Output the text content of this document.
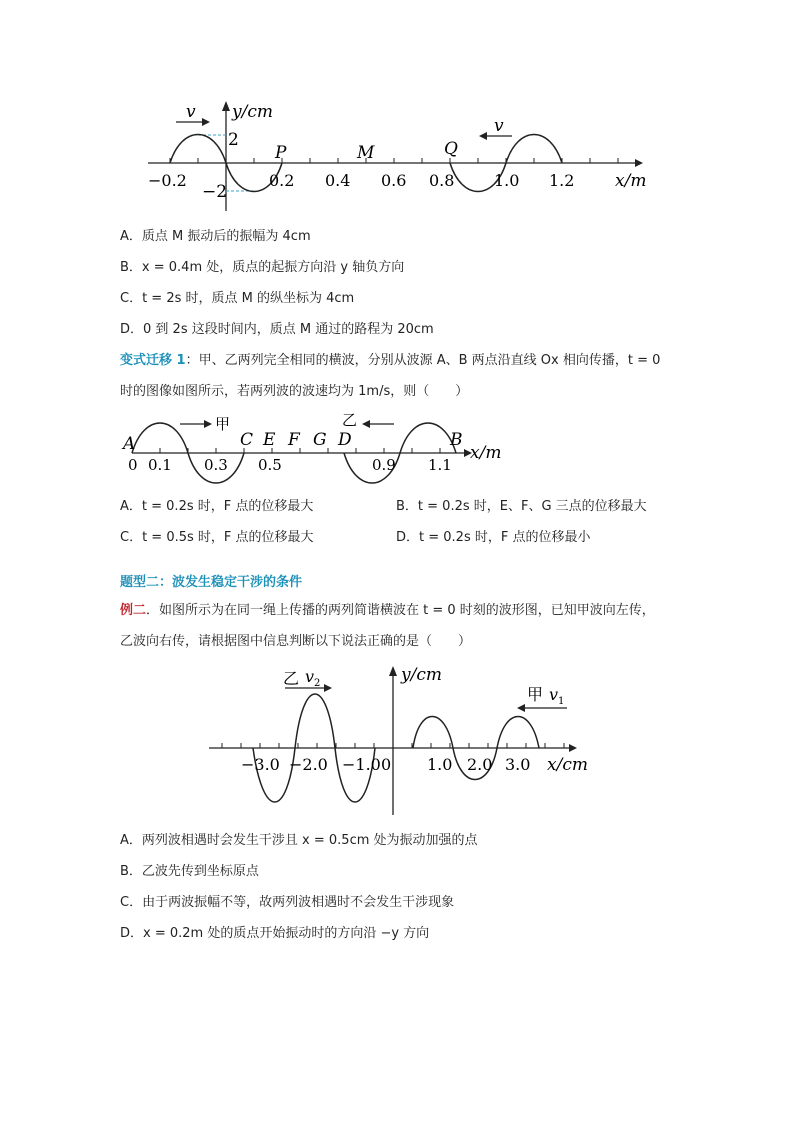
v
v
y/cm
2
−2
x/m
−0.2	0.2 0.4 0.6 0.8 1.0 1.2
P	M	Q
A．质点 M 振动后的振幅为 4cm
B．x = 0.4m 处，质点的起振方向沿 y 轴负方向
C．t = 2s 时，质点 M 的纵坐标为 4cm
D．0 到 2s 这段时间内，质点 M 通过的路程为 20cm
变式迁移 1：甲、乙两列完全相同的横波，分别从波源 A、B 两点沿直线 Ox 相向传播，t = 0
时的图像如图所示，若两列波的波速均为 1m/s，则（　　）
甲	乙
A	C E F G D	B
x/m
0 0.1 0.3 0.5	0.9 1.1
A．t = 0.2s 时，F 点的位移最大	B．t = 0.2s 时，E、F、G 三点的位移最大
C．t = 0.5s 时，F 点的位移最大	D．t = 0.2s 时，F 点的位移最小
题型二：波发生稳定干涉的条件
例二．如图所示为在同一绳上传播的两列简谐横波在 t = 0 时刻的波形图，已知甲波向左传，
乙波向右传，请根据图中信息判断以下说法正确的是（　　）
乙 $v_2$
甲 $v_1$
y/cm
x/cm
−3.0 −2.0 −1.0 0 1.0 2.0 3.0
A．两列波相遇时会发生干涉且 x = 0.5cm 处为振动加强的点
B．乙波先传到坐标原点
C．由于两波振幅不等，故两列波相遇时不会发生干涉现象
D．x = 0.2m 处的质点开始振动时的方向沿 −y 方向
